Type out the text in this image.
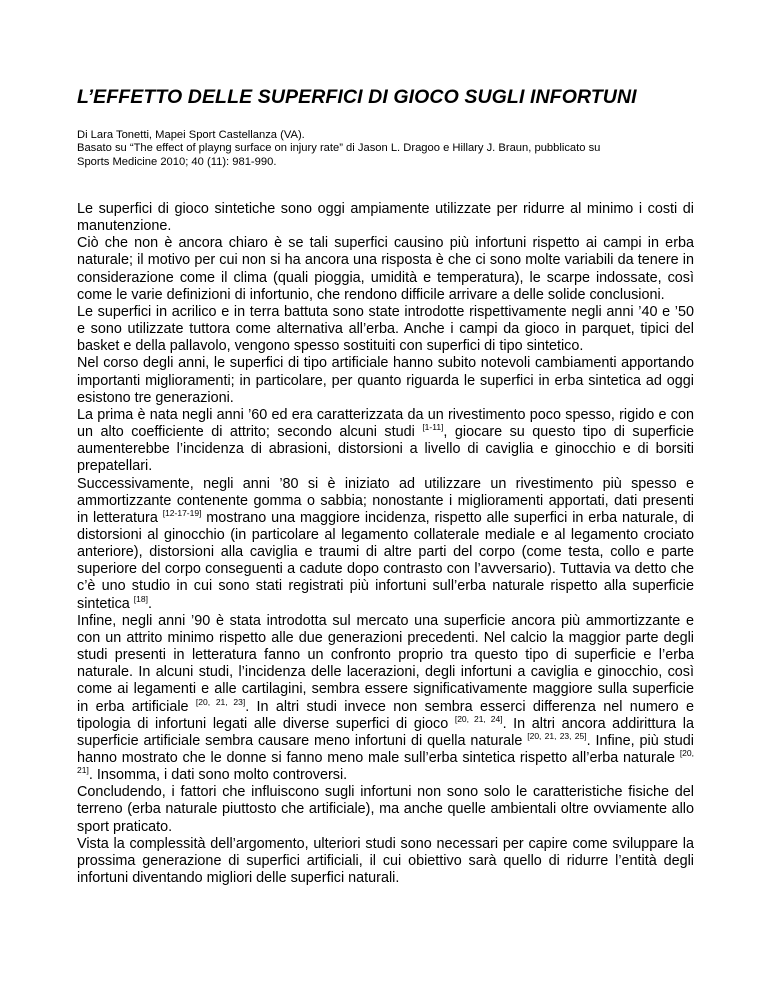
L’EFFETTO DELLE SUPERFICI DI GIOCO SUGLI INFORTUNI
Di Lara Tonetti, Mapei Sport Castellanza (VA).
Basato su “The effect of playng surface on injury rate” di Jason L. Dragoo e Hillary J. Braun, pubblicato su
Sports Medicine 2010; 40 (11): 981-990.

Le superfici di gioco sintetiche sono oggi ampiamente utilizzate per ridurre al minimo i costi di manutenzione.

Ciò che non è ancora chiaro è se tali superfici causino più infortuni rispetto ai campi in erba naturale; il motivo per cui non si ha ancora una risposta è che ci sono molte variabili da tenere in considerazione come il clima (quali pioggia, umidità e temperatura), le scarpe indossate, così come le varie definizioni di infortunio, che rendono difficile arrivare a delle solide conclusioni.

Le superfici in acrilico e in terra battuta sono state introdotte rispettivamente negli anni ’40 e ’50 e sono utilizzate tuttora come alternativa all’erba. Anche i campi da gioco in parquet, tipici del basket e della pallavolo, vengono spesso sostituiti con superfici di tipo sintetico.

Nel corso degli anni, le superfici di tipo artificiale hanno subito notevoli cambiamenti apportando importanti miglioramenti; in particolare, per quanto riguarda le superfici in erba sintetica ad oggi esistono tre generazioni.

La prima è nata negli anni ’60 ed era caratterizzata da un rivestimento poco spesso, rigido e con un alto coefficiente di attrito; secondo alcuni studi [1-11], giocare su questo tipo di superficie aumenterebbe l’incidenza di abrasioni, distorsioni a livello di caviglia e ginocchio e di borsiti prepatellari.

Successivamente, negli anni ’80 si è iniziato ad utilizzare un rivestimento più spesso e ammortizzante contenente gomma o sabbia; nonostante i miglioramenti apportati, dati presenti in letteratura [12-17-19] mostrano una maggiore incidenza, rispetto alle superfici in erba naturale, di distorsioni al ginocchio (in particolare al legamento collaterale mediale e al legamento crociato anteriore), distorsioni alla caviglia e traumi di altre parti del corpo (come testa, collo e parte superiore del corpo conseguenti a cadute dopo contrasto con l’avversario). Tuttavia va detto che c’è uno studio in cui sono stati registrati più infortuni sull’erba naturale rispetto alla superficie sintetica [18].

Infine, negli anni ’90 è stata introdotta sul mercato una superficie ancora più ammortizzante e con un attrito minimo rispetto alle due generazioni precedenti. Nel calcio la maggior parte degli studi presenti in letteratura fanno un confronto proprio tra questo tipo di superficie e l’erba naturale. In alcuni studi, l’incidenza delle lacerazioni, degli infortuni a caviglia e ginocchio, così come ai legamenti e alle cartilagini, sembra essere significativamente maggiore sulla superficie in erba artificiale [20, 21, 23]. In altri studi invece non sembra esserci differenza nel numero e tipologia di infortuni legati alle diverse superfici di gioco [20, 21, 24]. In altri ancora addirittura la superficie artificiale sembra causare meno infortuni di quella naturale [20, 21, 23, 25]. Infine, più studi hanno mostrato che le donne si fanno meno male sull’erba sintetica rispetto all’erba naturale [20, 21]. Insomma, i dati sono molto controversi.

Concludendo, i fattori che influiscono sugli infortuni non sono solo le caratteristiche fisiche del terreno (erba naturale piuttosto che artificiale), ma anche quelle ambientali oltre ovviamente allo sport praticato.

Vista la complessità dell’argomento, ulteriori studi sono necessari per capire come sviluppare la prossima generazione di superfici artificiali, il cui obiettivo sarà quello di ridurre l’entità degli infortuni diventando migliori delle superfici naturali.
